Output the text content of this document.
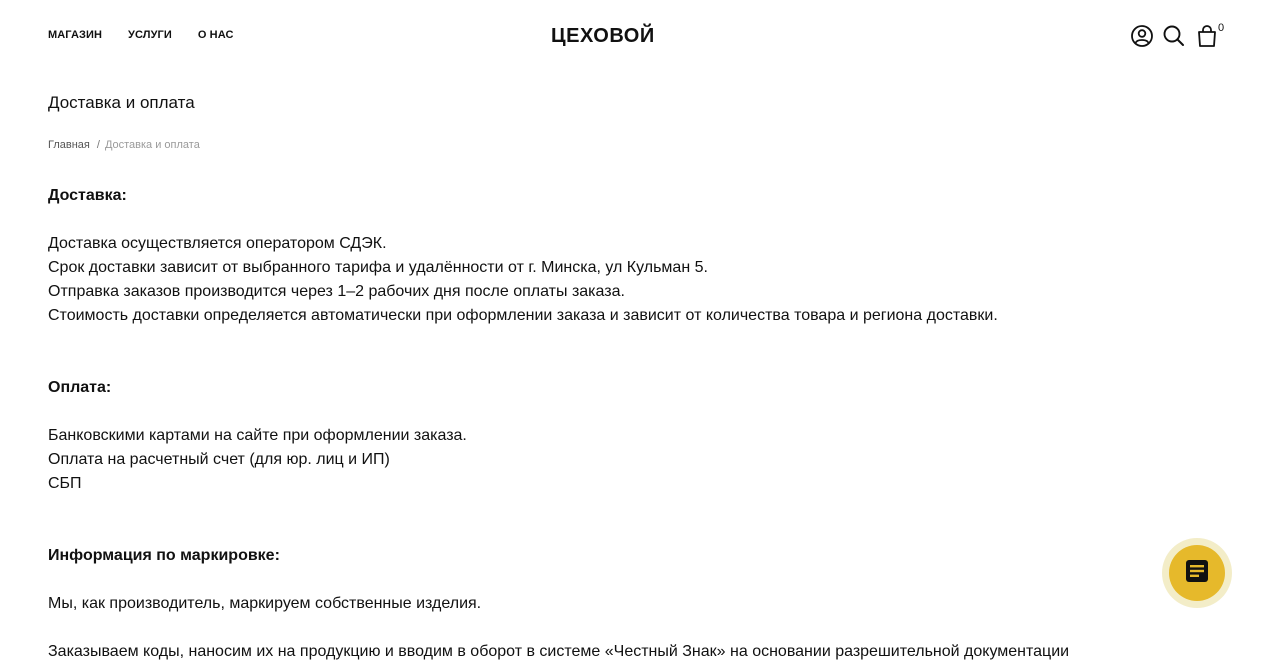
МАГАЗИН УСЛУГИ О НАС	ЦЕХОВОЙ	0
Доставка и оплата
Главная / Доставка и оплата

Доставка:

Доставка осуществляется оператором СДЭК.

Срок доставки зависит от выбранного тарифа и удалённости от г. Минска, ул Кульман 5.

Отправка заказов производится через 1–2 рабочих дня после оплаты заказа.

Стоимость доставки определяется автоматически при оформлении заказа и зависит от количества товара и региона доставки.

Оплата:

Банковскими картами на сайте при оформлении заказа.

Оплата на расчетный счет (для юр. лиц и ИП)

СБП

Информация по маркировке:

Мы, как производитель, маркируем собственные изделия.

Заказываем коды, наносим их на продукцию и вводим в оборот в системе «Честный Знак» на основании разрешительной документации
